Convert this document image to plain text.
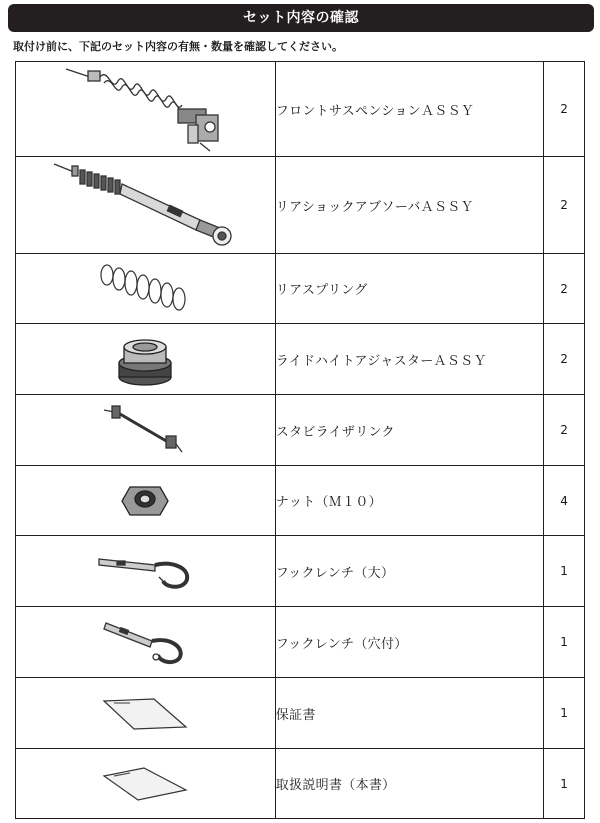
セット内容の確認
取付け前に、下記のセット内容の有無・数量を確認してください。
	フロントサスペンションＡＳＳＹ	2

	リアショックアブソーバＡＳＳＹ	2

	リアスプリング	2

	ライドハイトアジャスターＡＳＳＹ	2

	スタビライザリンク	2

	ナット（Ｍ１０）	4

	フックレンチ（大）	1

	フックレンチ（穴付）	1

	保証書	1

	取扱説明書（本書）	1
